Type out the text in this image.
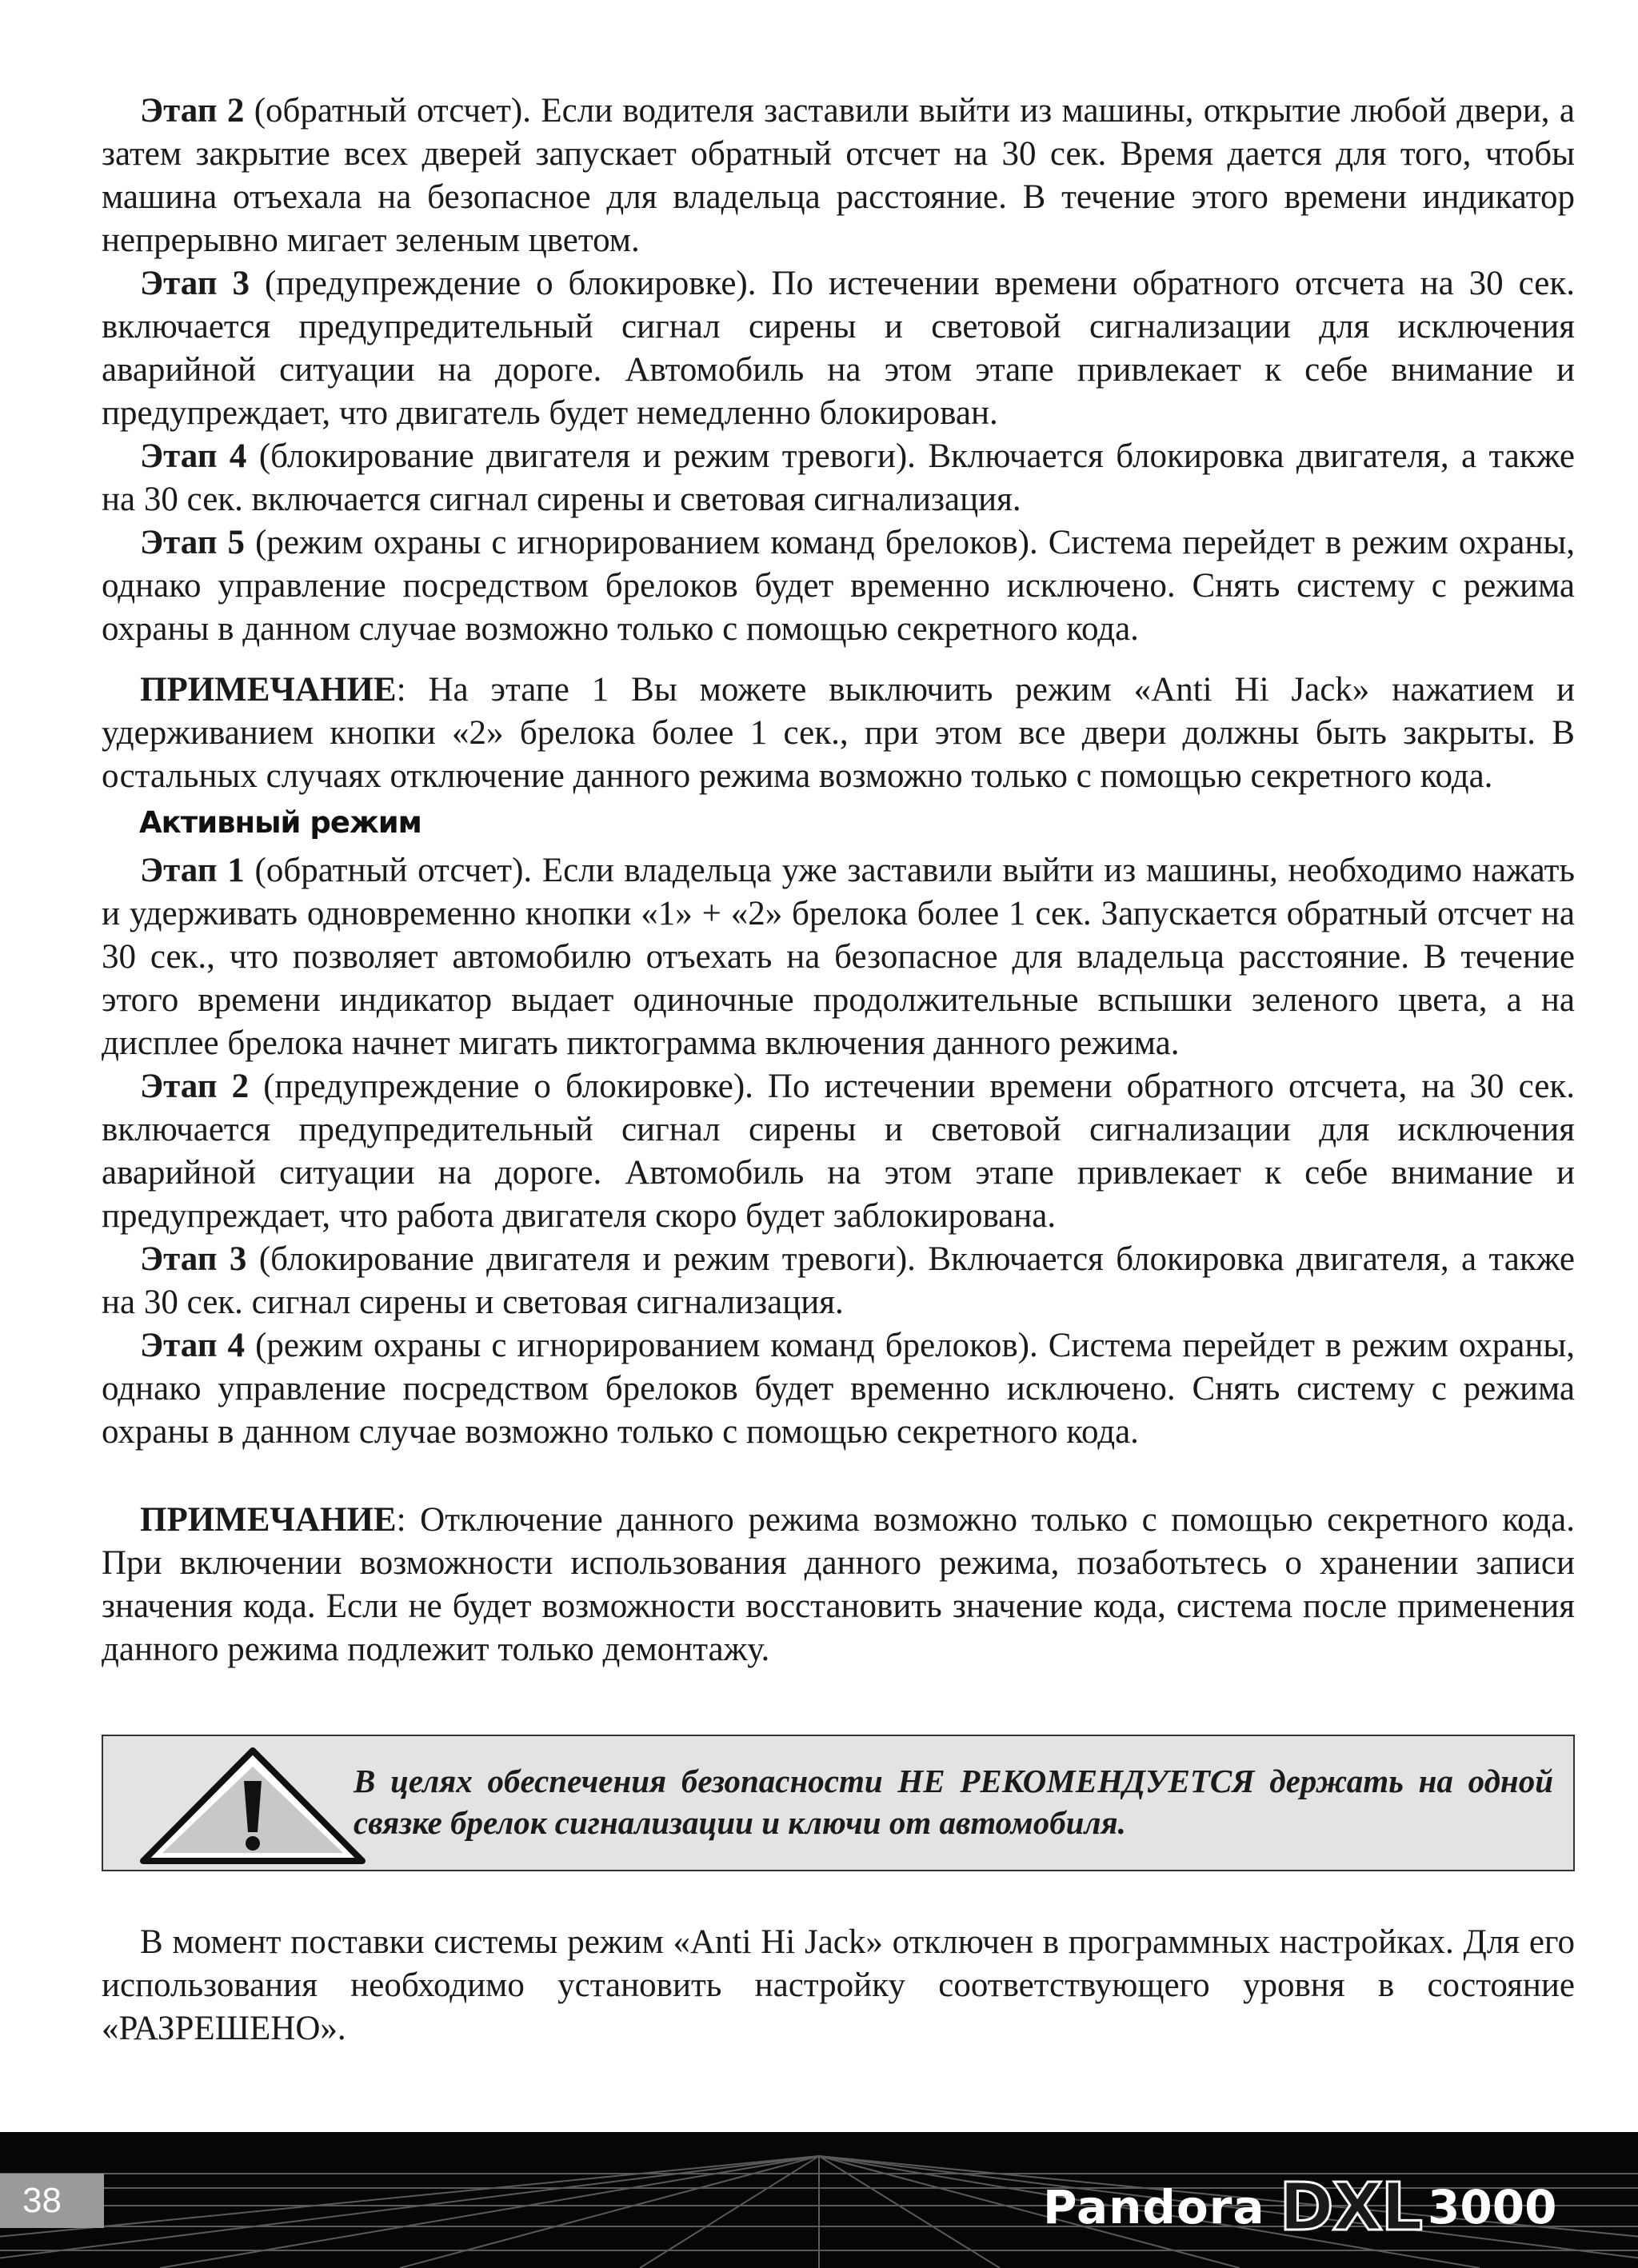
Этап 2 (обратный отсчет). Если водителя заставили выйти из машины, открытие любой двери, а затем закрытие всех дверей запускает обратный отсчет на 30 сек. Время дается для того, чтобы машина отъехала на безопасное для владельца расстояние. В течение этого времени индикатор непрерывно мигает зеленым цветом.

Этап 3 (предупреждение о блокировке). По истечении времени обратного отсчета на 30 сек. включается предупредительный сигнал сирены и световой сигнализации для исключения аварийной ситуации на дороге. Автомобиль на этом этапе привлекает к себе внимание и предупреждает, что двигатель будет немедленно блокирован.

Этап 4 (блокирование двигателя и режим тревоги). Включается блокировка двигателя, а также на 30 сек. включается сигнал сирены и световая сигнализация.

Этап 5 (режим охраны с игнорированием команд брелоков). Система перейдет в режим охраны, однако управление посредством брелоков будет временно исключено. Снять систему с режима охраны в данном случае возможно только с помощью секретного кода.

ПРИМЕЧАНИЕ: На этапе 1 Вы можете выключить режим «Anti Hi Jack» нажатием и удерживанием кнопки «2» брелока более 1 сек., при этом все двери должны быть закрыты. В остальных случаях отключение данного режима возможно только с помощью секретного кода.

Активный режим

Этап 1 (обратный отсчет). Если владельца уже заставили выйти из машины, необходимо нажать и удерживать одновременно кнопки «1» + «2» брелока более 1 сек. Запускается обратный отсчет на 30 сек., что позволяет автомобилю отъехать на безопасное для владельца расстояние. В течение этого времени индикатор выдает одиночные продолжительные вспышки зеленого цвета, а на дисплее брелока начнет мигать пиктограмма включения данного режима.

Этап 2 (предупреждение о блокировке). По истечении времени обратного отсчета, на 30 сек. включается предупредительный сигнал сирены и световой сигнализации для исключения аварийной ситуации на дороге. Автомобиль на этом этапе привлекает к себе внимание и предупреждает, что работа двигателя скоро будет заблокирована.

Этап 3 (блокирование двигателя и режим тревоги). Включается блокировка двигателя, а также на 30 сек. сигнал сирены и световая сигнализация.

Этап 4 (режим охраны с игнорированием команд брелоков). Система перейдет в режим охраны, однако управление посредством брелоков будет временно исключено. Снять систему с режима охраны в данном случае возможно только с помощью секретного кода.

ПРИМЕЧАНИЕ: Отключение данного режима возможно только с помощью секретного кода. При включении возможности использования данного режима, позаботьтесь о хранении записи значения кода. Если не будет возможности восстановить значение кода, система после применения данного режима подлежит только демонтажу.

В целях обеспечения безопасности НЕ РЕКОМЕНДУЕТСЯ держать на одной связке брелок сигнализации и ключи от автомобиля.

В момент поставки системы режим «Anti Hi Jack» отключен в программных настройках. Для его использования необходимо установить настройку соответствующего уровня в состояние «РАЗРЕШЕНО».

38	Pandora DXL 3000
